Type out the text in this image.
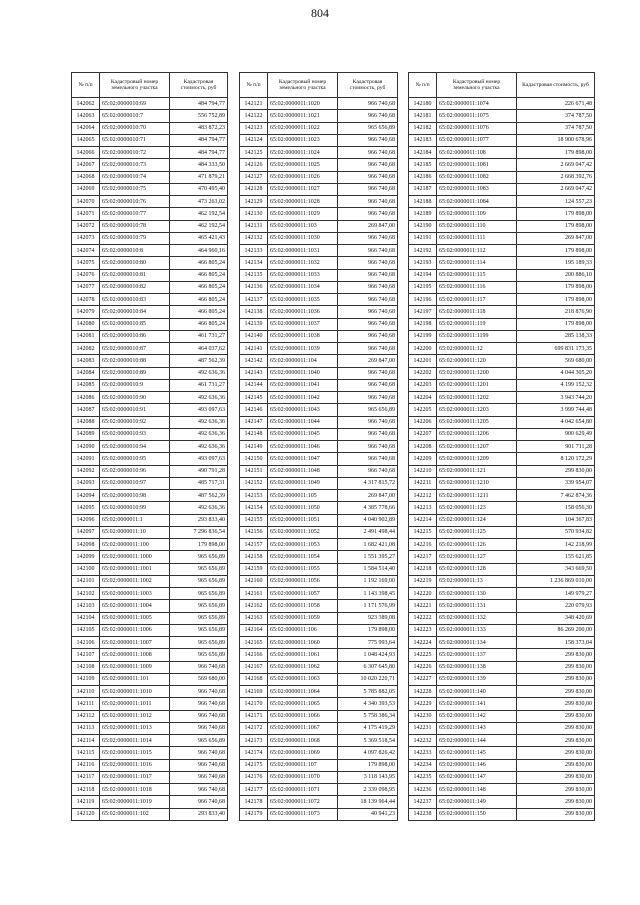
804
№ п/п	Кадастровый номер земельного участка	Кадастровая стоимость, руб
142062	65:02:0000010:69	484 794,77
142063	65:02:0000010:7	556 752,89
142064	65:02:0000010:70	483 872,23
142065	65:02:0000010:71	484 794,77
142066	65:02:0000010:72	484 794,77
142067	65:02:0000010:73	484 333,50
142068	65:02:0000010:74	471 879,21
142069	65:02:0000010:75	470 495,40
142070	65:02:0000010:76	473 263,02
142071	65:02:0000010:77	462 192,54
142072	65:02:0000010:78	462 192,54
142073	65:02:0000010:79	465 421,43
142074	65:02:0000010:8	464 960,16
142075	65:02:0000010:80	466 805,24
142076	65:02:0000010:81	466 805,24
142077	65:02:0000010:82	466 805,24
142078	65:02:0000010:83	466 805,24
142079	65:02:0000010:84	466 805,24
142080	65:02:0000010:85	466 805,24
142081	65:02:0000010:86	461 731,27
142082	65:02:0000010:87	464 037,62
142083	65:02:0000010:88	487 562,39
142084	65:02:0000010:89	492 636,36
142085	65:02:0000010:9	461 731,27
142086	65:02:0000010:90	492 636,36
142087	65:02:0000010:91	493 097,63
142088	65:02:0000010:92	492 636,36
142089	65:02:0000010:93	492 636,36
142090	65:02:0000010:94	492 636,36
142091	65:02:0000010:95	493 097,63
142092	65:02:0000010:96	490 791,28
142093	65:02:0000010:97	485 717,31
142094	65:02:0000010:98	487 562,39
142095	65:02:0000010:99	492 636,36
142096	65:02:0000011:1	293 833,40
142097	65:02:0000011:10	7 296 836,54
142098	65:02:0000011:100	179 898,00
142099	65:02:0000011:1000	965 656,89
142100	65:02:0000011:1001	965 656,89
142101	65:02:0000011:1002	965 656,89
142102	65:02:0000011:1003	965 656,89
142103	65:02:0000011:1004	965 656,89
142104	65:02:0000011:1005	965 656,89
142105	65:02:0000011:1006	965 656,89
142106	65:02:0000011:1007	965 656,89
142107	65:02:0000011:1008	965 656,89
142108	65:02:0000011:1009	966 740,68
142109	65:02:0000011:101	569 680,00
142110	65:02:0000011:1010	966 740,68
142111	65:02:0000011:1011	966 740,68
142112	65:02:0000011:1012	966 740,68
142113	65:02:0000011:1013	966 740,68
142114	65:02:0000011:1014	965 656,89
142115	65:02:0000011:1015	966 740,68
142116	65:02:0000011:1016	966 740,68
142117	65:02:0000011:1017	966 740,68
142118	65:02:0000011:1018	966 740,68
142119	65:02:0000011:1019	966 740,68
142120	65:02:0000011:102	293 833,40
№ п/п	Кадастровый номер земельного участка	Кадастровая стоимость, руб
142121	65:02:0000011:1020	966 740,68
142122	65:02:0000011:1021	966 740,68
142123	65:02:0000011:1022	965 656,89
142124	65:02:0000011:1023	966 740,68
142125	65:02:0000011:1024	966 740,68
142126	65:02:0000011:1025	966 740,68
142127	65:02:0000011:1026	966 740,68
142128	65:02:0000011:1027	966 740,68
142129	65:02:0000011:1028	966 740,68
142130	65:02:0000011:1029	966 740,68
142131	65:02:0000011:103	269 847,00
142132	65:02:0000011:1030	966 740,68
142133	65:02:0000011:1031	966 740,68
142134	65:02:0000011:1032	966 740,68
142135	65:02:0000011:1033	966 740,68
142136	65:02:0000011:1034	966 740,68
142137	65:02:0000011:1035	966 740,68
142138	65:02:0000011:1036	966 740,68
142139	65:02:0000011:1037	966 740,68
142140	65:02:0000011:1038	966 740,68
142141	65:02:0000011:1039	966 740,68
142142	65:02:0000011:104	269 847,00
142143	65:02:0000011:1040	966 740,68
142144	65:02:0000011:1041	966 740,68
142145	65:02:0000011:1042	966 740,68
142146	65:02:0000011:1043	965 656,89
142147	65:02:0000011:1044	966 740,68
142148	65:02:0000011:1045	966 740,68
142149	65:02:0000011:1046	966 740,68
142150	65:02:0000011:1047	966 740,68
142151	65:02:0000011:1048	966 740,68
142152	65:02:0000011:1049	4 317 815,72
142153	65:02:0000011:105	269 847,00
142154	65:02:0000011:1050	4 385 778,66
142155	65:02:0000011:1051	4 040 902,89
142156	65:02:0000011:1052	2 491 498,44
142157	65:02:0000011:1053	1 682 421,08
142158	65:02:0000011:1054	1 551 395,27
142159	65:02:0000011:1055	1 584 514,40
142160	65:02:0000011:1056	1 192 169,00
142161	65:02:0000011:1057	1 143 398,45
142162	65:02:0000011:1058	1 171 576,99
142163	65:02:0000011:1059	923 389,08
142164	65:02:0000011:106	179 898,00
142165	65:02:0000011:1060	775 993,64
142166	65:02:0000011:1061	1 048 424,93
142167	65:02:0000011:1062	6 307 645,80
142168	65:02:0000011:1063	10 020 220,71
142169	65:02:0000011:1064	5 785 882,05
142170	65:02:0000011:1065	4 340 393,53
142171	65:02:0000011:1066	5 758 386,34
142172	65:02:0000011:1067	4 175 419,29
142173	65:02:0000011:1068	5 369 518,54
142174	65:02:0000011:1069	4 097 826,42
142175	65:02:0000011:107	179 898,00
142176	65:02:0000011:1070	3 118 143,95
142177	65:02:0000011:1071	2 339 098,95
142178	65:02:0000011:1072	18 139 964,44
142179	65:02:0000011:1073	40 941,23
№ п/п	Кадастровый номер земельного участка	Кадастровая стоимость, руб
142180	65:02:0000011:1074	226 671,48
142181	65:02:0000011:1075	374 787,50
142182	65:02:0000011:1076	374 787,50
142183	65:02:0000011:1077	18 900 678,96
142184	65:02:0000011:108	179 898,00
142185	65:02:0000011:1081	2 669 047,42
142186	65:02:0000011:1082	2 668 392,76
142187	65:02:0000011:1083	2 669 047,42
142188	65:02:0000011:1084	124 557,23
142189	65:02:0000011:109	179 898,00
142190	65:02:0000011:110	179 898,00
142191	65:02:0000011:111	269 847,00
142192	65:02:0000011:112	179 898,00
142193	65:02:0000011:114	195 189,33
142194	65:02:0000011:115	200 886,10
142195	65:02:0000011:116	179 898,00
142196	65:02:0000011:117	179 898,00
142197	65:02:0000011:118	218 876,90
142198	65:02:0000011:119	179 898,00
142199	65:02:0000011:1199	285 138,33
142200	65:02:0000011:12	699 831 173,35
142201	65:02:0000011:120	569 680,00
142202	65:02:0000011:1200	4 044 305,20
142203	65:02:0000011:1201	4 199 152,32
142204	65:02:0000011:1202	3 943 744,20
142205	65:02:0000011:1203	3 999 744,48
142206	65:02:0000011:1205	4 042 654,80
142207	65:02:0000011:1206	900 629,49
142208	65:02:0000011:1207	901 711,28
142209	65:02:0000011:1209	8 120 172,29
142210	65:02:0000011:121	299 830,00
142211	65:02:0000011:1210	339 954,07
142212	65:02:0000011:1211	7 462 874,36
142213	65:02:0000011:123	158 056,30
142214	65:02:0000011:124	104 367,83
142215	65:02:0000011:125	570 934,82
142216	65:02:0000011:126	142 218,99
142217	65:02:0000011:127	155 621,85
142218	65:02:0000011:128	343 669,50
142219	65:02:0000011:13	1 236 869 010,00
142220	65:02:0000011:130	149 979,27
142221	65:02:0000011:131	220 079,93
142222	65:02:0000011:132	348 420,69
142223	65:02:0000011:133	86 269 200,00
142224	65:02:0000011:134	158 373,04
142225	65:02:0000011:137	299 830,00
142226	65:02:0000011:138	299 830,00
142227	65:02:0000011:139	299 830,00
142228	65:02:0000011:140	299 830,00
142229	65:02:0000011:141	299 830,00
142230	65:02:0000011:142	299 830,00
142231	65:02:0000011:143	299 830,00
142232	65:02:0000011:144	299 830,00
142233	65:02:0000011:145	299 830,00
142234	65:02:0000011:146	299 830,00
142235	65:02:0000011:147	299 830,00
142236	65:02:0000011:148	299 830,00
142237	65:02:0000011:149	299 830,00
142238	65:02:0000011:150	299 830,00
